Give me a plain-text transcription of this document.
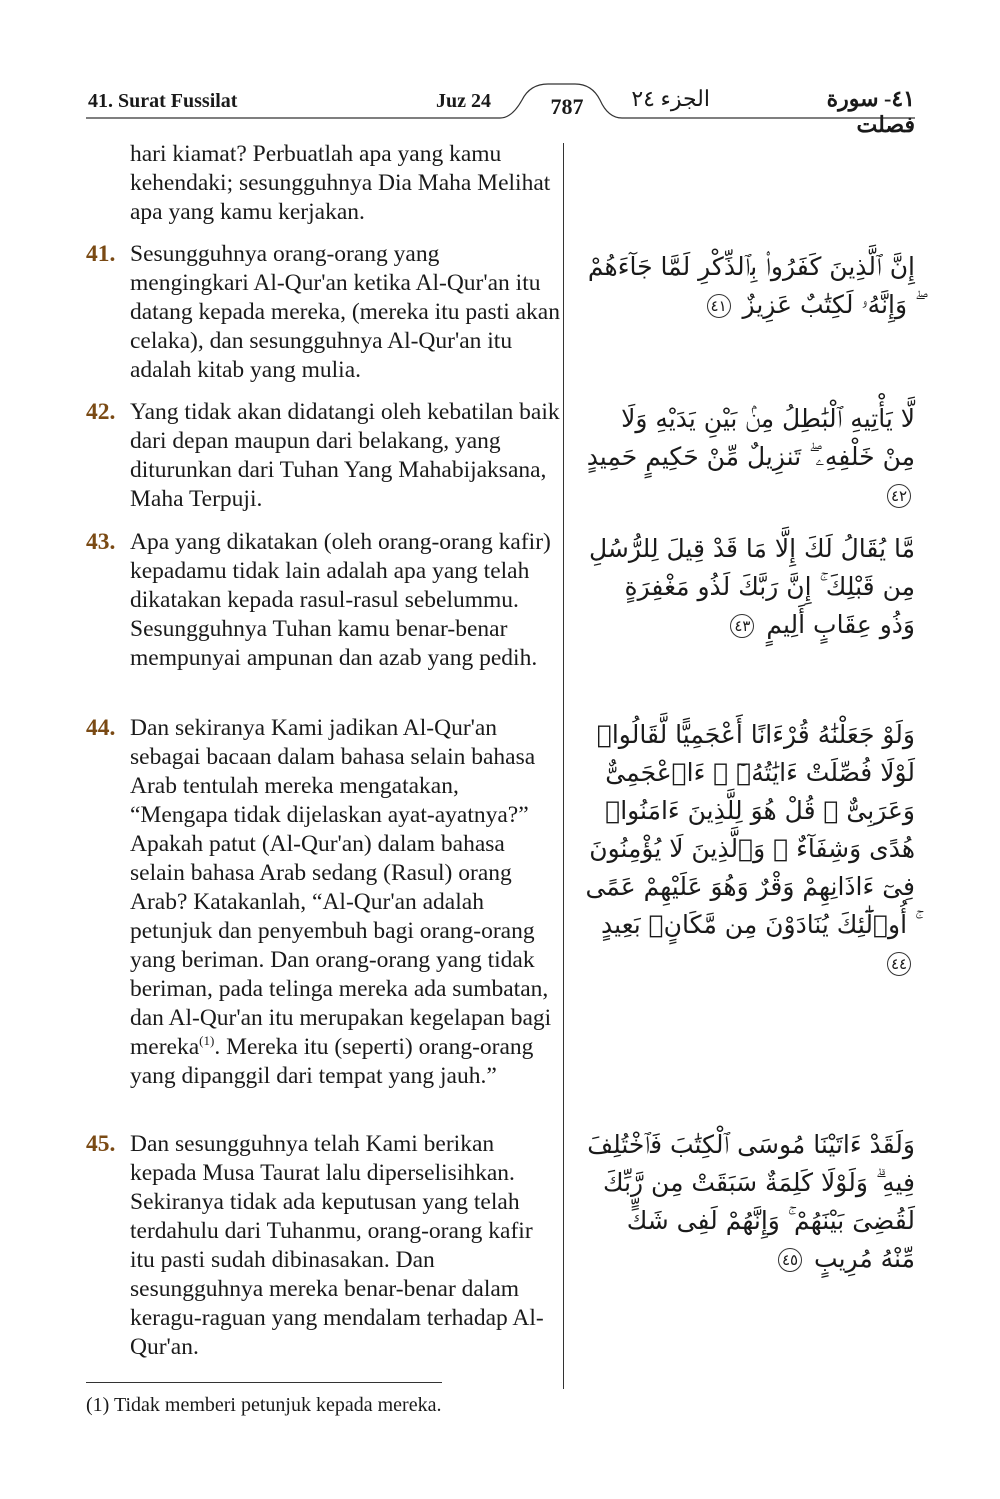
41. Surat Fussilat	Juz 24	787	الجزء ٢٤	٤١- سورة فصلت
hari kiamat? Perbuatlah apa yang kamu kehendaki; sesungguhnya Dia Maha Melihat apa yang kamu kerjakan.
41. Sesungguhnya orang-orang yang mengingkari Al-Qur'an ketika Al-Qur'an itu datang kepada mereka, (mereka itu pasti akan celaka), dan sesungguhnya Al-Qur'an itu adalah kitab yang mulia.
إِنَّ ٱلَّذِينَ كَفَرُوا۟ بِٱلذِّكْرِ لَمَّا جَآءَهُمْ ۖ وَإِنَّهُۥ لَكِتَٰبٌ عَزِيزٌ ٤١
42. Yang tidak akan didatangi oleh kebatilan baik dari depan maupun dari belakang, yang diturunkan dari Tuhan Yang Mahabijaksana, Maha Terpuji.
لَّا يَأْتِيهِ ٱلْبَٰطِلُ مِنۢ بَيْنِ يَدَيْهِ وَلَا مِنْ خَلْفِهِۦ ۖ تَنزِيلٌ مِّنْ حَكِيمٍ حَمِيدٍ ٤٢
43. Apa yang dikatakan (oleh orang-orang kafir) kepadamu tidak lain adalah apa yang telah dikatakan kepada rasul-rasul sebelummu. Sesungguhnya Tuhan kamu benar-benar mempunyai ampunan dan azab yang pedih.
مَّا يُقَالُ لَكَ إِلَّا مَا قَدْ قِيلَ لِلرُّسُلِ مِن قَبْلِكَ ۚ إِنَّ رَبَّكَ لَذُو مَغْفِرَةٍ وَذُو عِقَابٍ أَلِيمٍ ٤٣
44. Dan sekiranya Kami jadikan Al-Qur'an sebagai bacaan dalam bahasa selain bahasa Arab tentulah mereka mengatakan, “Mengapa tidak dijelaskan ayat-ayatnya?” Apakah patut (Al-Qur'an) dalam bahasa selain bahasa Arab sedang (Rasul) orang Arab? Katakanlah, “Al-Qur'an adalah petunjuk dan penyembuh bagi orang-orang yang beriman. Dan orang-orang yang tidak beriman, pada telinga mereka ada sumbatan, dan Al-Qur'an itu merupakan kegelapan bagi mereka$^{(1)}$. Mereka itu (seperti) orang-orang yang dipanggil dari tempat yang jauh.”
وَلَوْ جَعَلْنَٰهُ قُرْءَانًا أَعْجَمِيًّا لَّقَالُوا۟ لَوْلَا فُصِّلَتْ ءَايَٰتُهُۥٓ ۖ ءَا۬عْجَمِىٌّ وَعَرَبِىٌّ ۗ قُلْ هُوَ لِلَّذِينَ ءَامَنُوا۟ هُدًى وَشِفَآءٌ ۖ وَٱلَّذِينَ لَا يُؤْمِنُونَ فِىٓ ءَاذَانِهِمْ وَقْرٌ وَهُوَ عَلَيْهِمْ عَمًى ۚ أُو۟لَٰٓئِكَ يُنَادَوْنَ مِن مَّكَانٍۭ بَعِيدٍ ٤٤
45. Dan sesungguhnya telah Kami berikan kepada Musa Taurat lalu diperselisihkan. Sekiranya tidak ada keputusan yang telah terdahulu dari Tuhanmu, orang-orang kafir itu pasti sudah dibinasakan. Dan sesungguhnya mereka benar-benar dalam keragu-raguan yang mendalam terhadap Al-Qur'an.
وَلَقَدْ ءَاتَيْنَا مُوسَى ٱلْكِتَٰبَ فَٱخْتُلِفَ فِيهِ ۗ وَلَوْلَا كَلِمَةٌ سَبَقَتْ مِن رَّبِّكَ لَقُضِىَ بَيْنَهُمْ ۚ وَإِنَّهُمْ لَفِى شَكٍّ مِّنْهُ مُرِيبٍ ٤٥
(1) Tidak memberi petunjuk kepada mereka.
